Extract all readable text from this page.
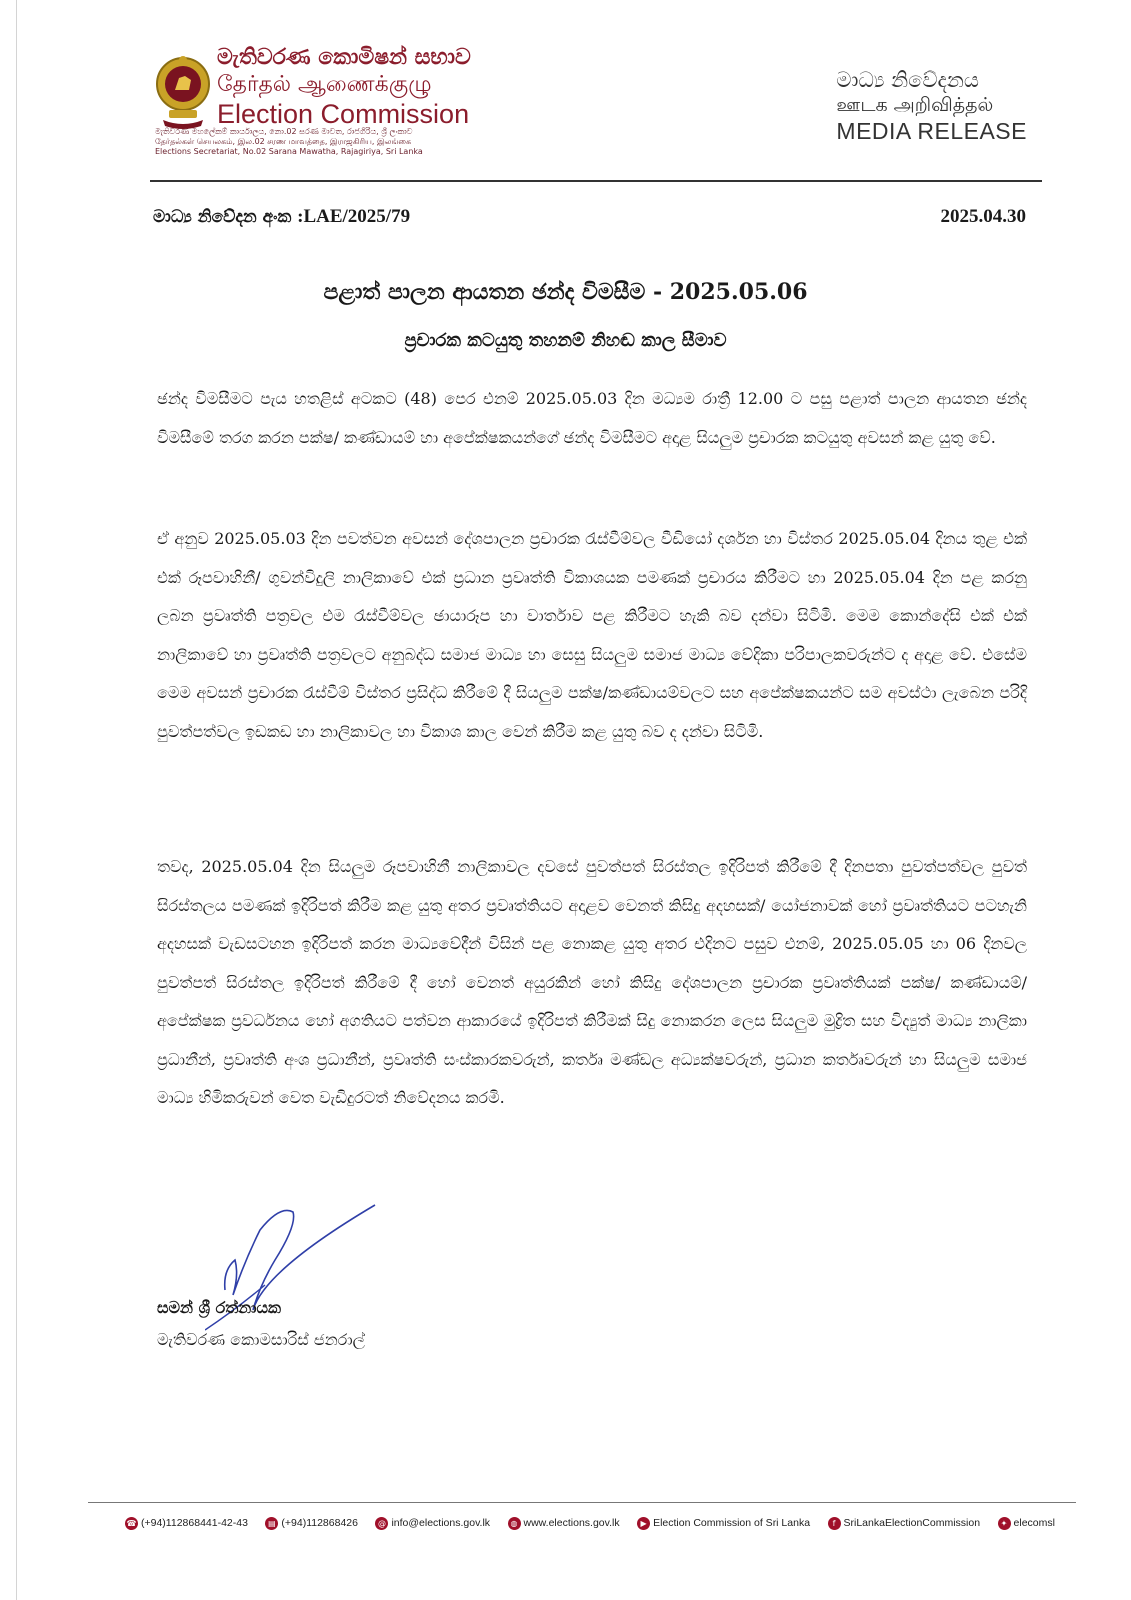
මැතිවරණ කොමිෂන් සභාව
தேர்தல் ஆணைக்குழு
Election Commission
මැතිවරණ මහලේකම් කාර්යාලය, නො.02 සරණ මාවත, රාජගිරිය, ශ්‍රී ලංකාව
தேர்தல்கள் செயலகம், இல.02 சரண மாவத்தை, இராஜகிரிய, இலங்கை
Elections Secretariat, No.02 Sarana Mawatha, Rajagiriya, Sri Lanka
මාධ්‍ය නිවේදනය
ஊடக அறிவித்தல்
MEDIA RELEASE
මාධ්‍ය නිවේදන අංක :LAE/2025/79	2025.04.30
පළාත් පාලන ආයතන ඡන්ද විමසීම - 2025.05.06
ප්‍රචාරක කටයුතු තහනම් නිහඬ කාල සීමාව
ඡන්ද විමසීමට පැය හතළිස් අටකට (48) පෙර එනම් 2025.05.03 දින මධ්‍යම රාත්‍රී 12.00 ට පසු පළාත් පාලන ආයතන ඡන්ද විමසීමේ තරග කරන පක්ෂ/ කණ්ඩායම් හා අපේක්ෂකයන්ගේ ඡන්ද විමසීමට අදාළ සියලුම ප්‍රචාරක කටයුතු අවසන් කළ යුතු වේ.
ඒ අනුව 2025.05.03 දින පවත්වන අවසන් දේශපාලන ප්‍රචාරක රැස්වීම්වල වීඩියෝ දර්ශන හා විස්තර 2025.05.04 දිනය තුළ එක් එක් රූපවාහිනී/ ගුවන්විදුලි නාලිකාවේ එක් ප්‍රධාන ප්‍රවෘත්ති විකාශයක පමණක් ප්‍රචාරය කිරීමට හා 2025.05.04 දින පළ කරනු ලබන ප්‍රවෘත්ති පත්‍රවල එම රැස්වීම්වල ඡායාරූප හා වාර්තාව පළ කිරීමට හැකි බව දන්වා සිටිමි. මෙම කොන්දේසි එක් එක් නාලිකාවේ හා ප්‍රවෘත්ති පත්‍රවලට අනුබද්ධ සමාජ මාධ්‍ය හා සෙසු සියලුම සමාජ මාධ්‍ය වේදිකා පරිපාලකවරුන්ට ද අදාළ වේ. එසේම මෙම අවසන් ප්‍රචාරක රැස්වීම් විස්තර ප්‍රසිද්ධ කිරීමේ දී සියලුම පක්ෂ/කණ්ඩායම්වලට සහ අපේක්ෂකයන්ට සම අවස්ථා ලැබෙන පරිදි පුවත්පත්වල ඉඩකඩ හා නාලිකාවල හා විකාශ කාල වෙන් කිරීම කළ යුතු බව ද දන්වා සිටිමි.
තවද, 2025.05.04 දින සියලුම රූපවාහිනී නාලිකාවල දවසේ පුවත්පත් සිරස්තල ඉදිරිපත් කිරීමේ දී දිනපතා පුවත්පත්වල පුවත් සිරස්තලය පමණක් ඉදිරිපත් කිරීම කළ යුතු අතර ප්‍රවෘත්තියට අදාළව වෙනත් කිසිදු අදහසක්/ යෝජනාවක් හෝ ප්‍රවෘත්තියට පටහැනි අදහසක් වැඩසටහන ඉදිරිපත් කරන මාධ්‍යවේදීන් විසින් පළ නොකළ යුතු අතර එදිනට පසුව එනම්, 2025.05.05 හා 06 දිනවල පුවත්පත් සිරස්තල ඉදිරිපත් කිරීමේ දී හෝ වෙනත් අයුරකින් හෝ කිසිදු දේශපාලන ප්‍රචාරක ප්‍රවෘත්තියක් පක්ෂ/ කණ්ඩායම්/ අපේක්ෂක ප්‍රවර්ධනය හෝ අගතියට පත්වන ආකාරයේ ඉදිරිපත් කිරීමක් සිදු නොකරන ලෙස සියලුම මුද්‍රිත සහ විද්‍යුත් මාධ්‍ය නාලිකා ප්‍රධානීන්, ප්‍රවෘත්ති අංශ ප්‍රධානීන්, ප්‍රවෘත්ති සංස්කාරකවරුන්, කර්තෘ මණ්ඩල අධ්‍යක්ෂවරුන්, ප්‍රධාන කර්තෘවරුන් හා සියලුම සමාජ මාධ්‍ය හිමිකරුවන් වෙත වැඩිදුරටත් නිවේදනය කරමි.
සමන් ශ්‍රී රත්නායක
මැතිවරණ කොමසාරිස් ජනරාල්
☎ (+94)112868441-42-43	▤ (+94)112868426	@ info@elections.gov.lk	◍ www.elections.gov.lk	▶ Election Commission of Sri Lanka	f SriLankaElectionCommission	✦ elecomsl
